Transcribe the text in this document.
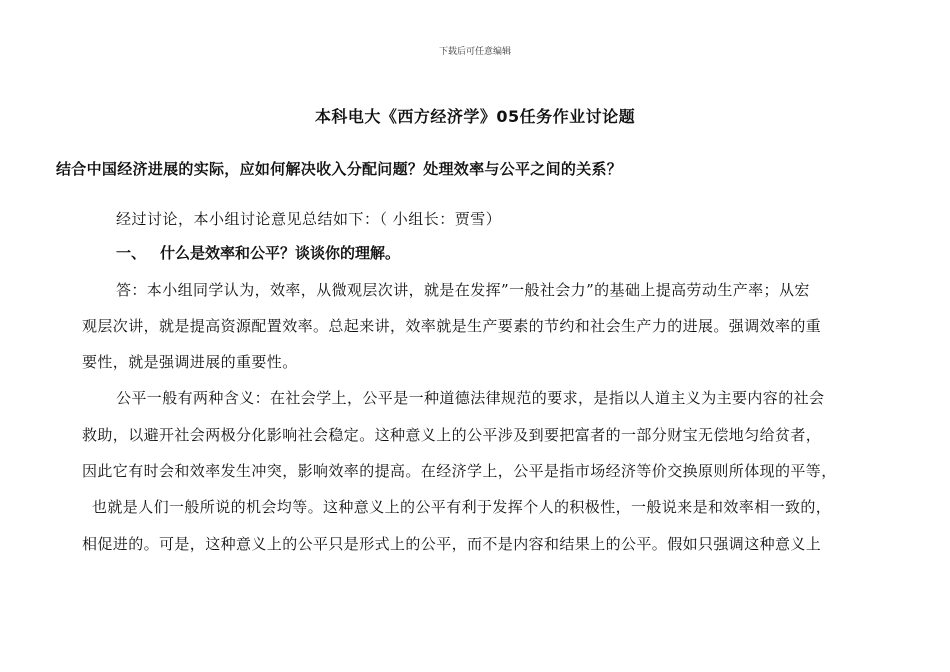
下载后可任意编辑
本科电大《西方经济学》05任务作业讨论题
结合中国经济进展的实际，应如何解决收入分配问题？处理效率与公平之间的关系？
经过讨论，本小组讨论意见总结如下：（ 小组长：贾雪）
一、 什么是效率和公平？谈谈你的理解。
答：本小组同学认为，效率，从微观层次讲，就是在发挥”一般社会力”的基础上提高劳动生产率；从宏
观层次讲，就是提高资源配置效率。总起来讲，效率就是生产要素的节约和社会生产力的进展。强调效率的重
要性，就是强调进展的重要性。
公平一般有两种含义：在社会学上，公平是一种道德法律规范的要求，是指以人道主义为主要内容的社会
救助，以避开社会两极分化影响社会稳定。这种意义上的公平涉及到要把富者的一部分财宝无偿地匀给贫者，
因此它有时会和效率发生冲突，影响效率的提高。在经济学上，公平是指市场经济等价交换原则所体现的平等，
也就是人们一般所说的机会均等。这种意义上的公平有利于发挥个人的积极性，一般说来是和效率相一致的，
相促进的。可是，这种意义上的公平只是形式上的公平，而不是内容和结果上的公平。假如只强调这种意义上
